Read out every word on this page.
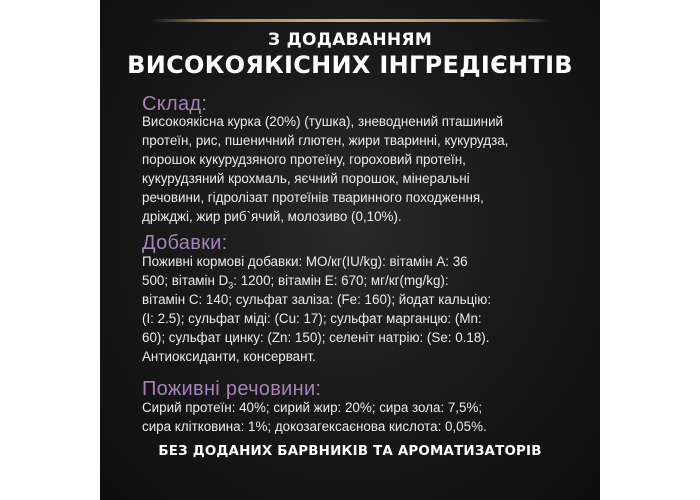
З ДОДАВАННЯМ
ВИСОКОЯКІСНИХ ІНГРЕДІЄНТІВ
Склад:
Високоякісна курка (20%) (тушка), зневоднений пташиний
протеїн, рис, пшеничний глютен, жири тваринні, кукурудза,
порошок кукурудзяного протеїну, гороховий протеїн,
кукурудзяний крохмаль, яєчний порошок, мінеральні
речовини, гідролізат протеїнів тваринного походження,
дріжджі, жир риб`ячий, молозиво (0,10%).
Добавки:
Поживні кормові добавки: МО/кг(IU/kg): вітамін А: 36
500; вітамін $D_3$: 1200; вітамін Е: 670; мг/кг(mg/kg):
вітамін С: 140; сульфат заліза: (Fe: 160); йодат кальцію:
(I: 2.5); сульфат міді: (Cu: 17); сульфат марганцю: (Mn:
60); сульфат цинку: (Zn: 150); селеніт натрію: (Se: 0.18).
Антиоксиданти, консервант.
Поживні речовини:
Сирий протеїн: 40%; сирий жир: 20%; сира зола: 7,5%;
сира клітковина: 1%; докозагексаєнова кислота: 0,05%.
БЕЗ ДОДАНИХ БАРВНИКІВ ТА АРОМАТИЗАТОРІВ
